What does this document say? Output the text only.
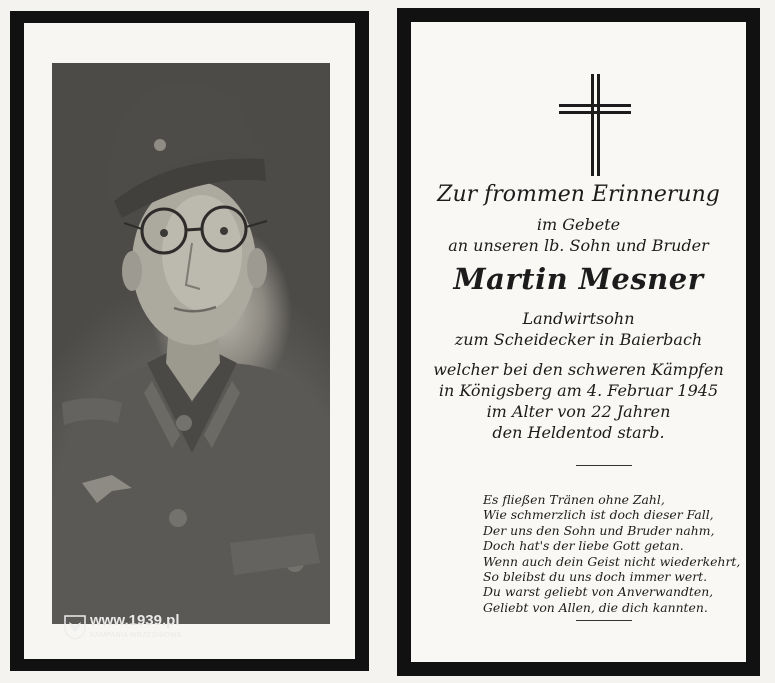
www.1939.pl
KAMPANIA WRZEŚNIOWA
Zur frommen Erinnerung
im Gebete
an unseren lb. Sohn und Bruder
Martin Mesner
Landwirtsohn
zum Scheidecker in Baierbach
welcher bei den schweren Kämpfen
in Königsberg am 4. Februar 1945
im Alter von 22 Jahren
den Heldentod starb.
Es fließen Tränen ohne Zahl,
Wie schmerzlich ist doch dieser Fall,
Der uns den Sohn und Bruder nahm,
Doch hat's der liebe Gott getan.
Wenn auch dein Geist nicht wiederkehrt,
So bleibst du uns doch immer wert.
Du warst geliebt von Anverwandten,
Geliebt von Allen, die dich kannten.
